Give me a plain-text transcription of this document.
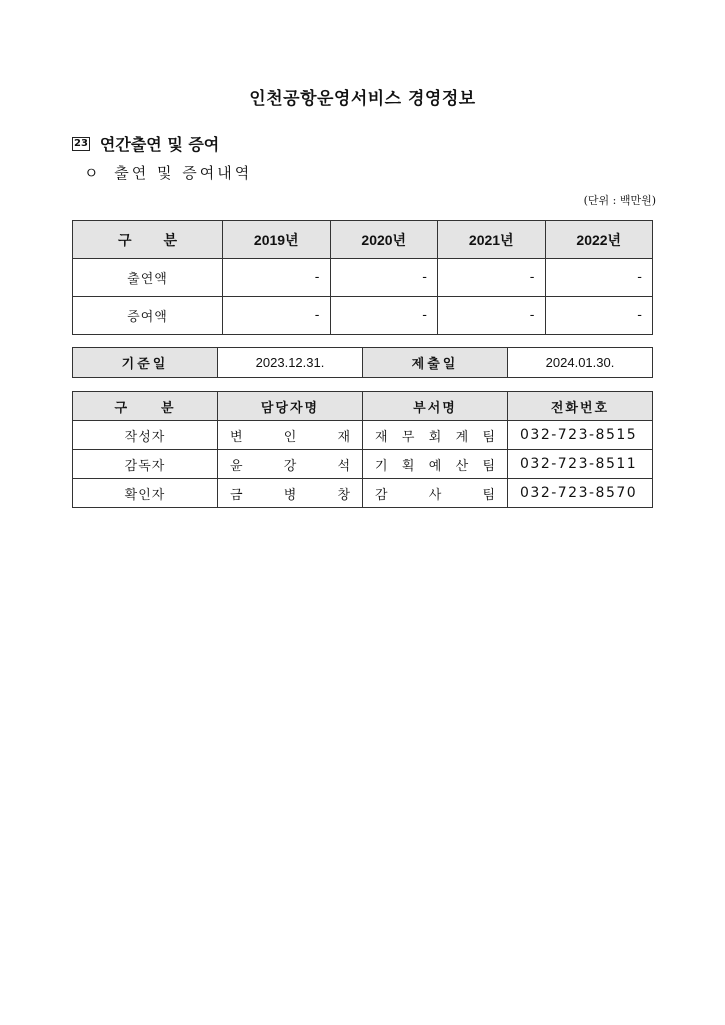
인천공항운영서비스 경영정보
23 연간출연 및 증여
ㅇ 출연 및 증여내역
(단위 : 백만원)
구 분	2019년	2020년	2021년	2022년
출연액	-	-	-	-
증여액	-	-	-	-
기준일	2023.12.31.	제출일	2024.01.30.
구 분	담당자명	부서명	전화번호
작성자	변 인 재	재 무 회 계 팀	032-723-8515
감독자	윤 강 석	기 획 예 산 팀	032-723-8511
확인자	금 병 창	감 사 팀	032-723-8570
